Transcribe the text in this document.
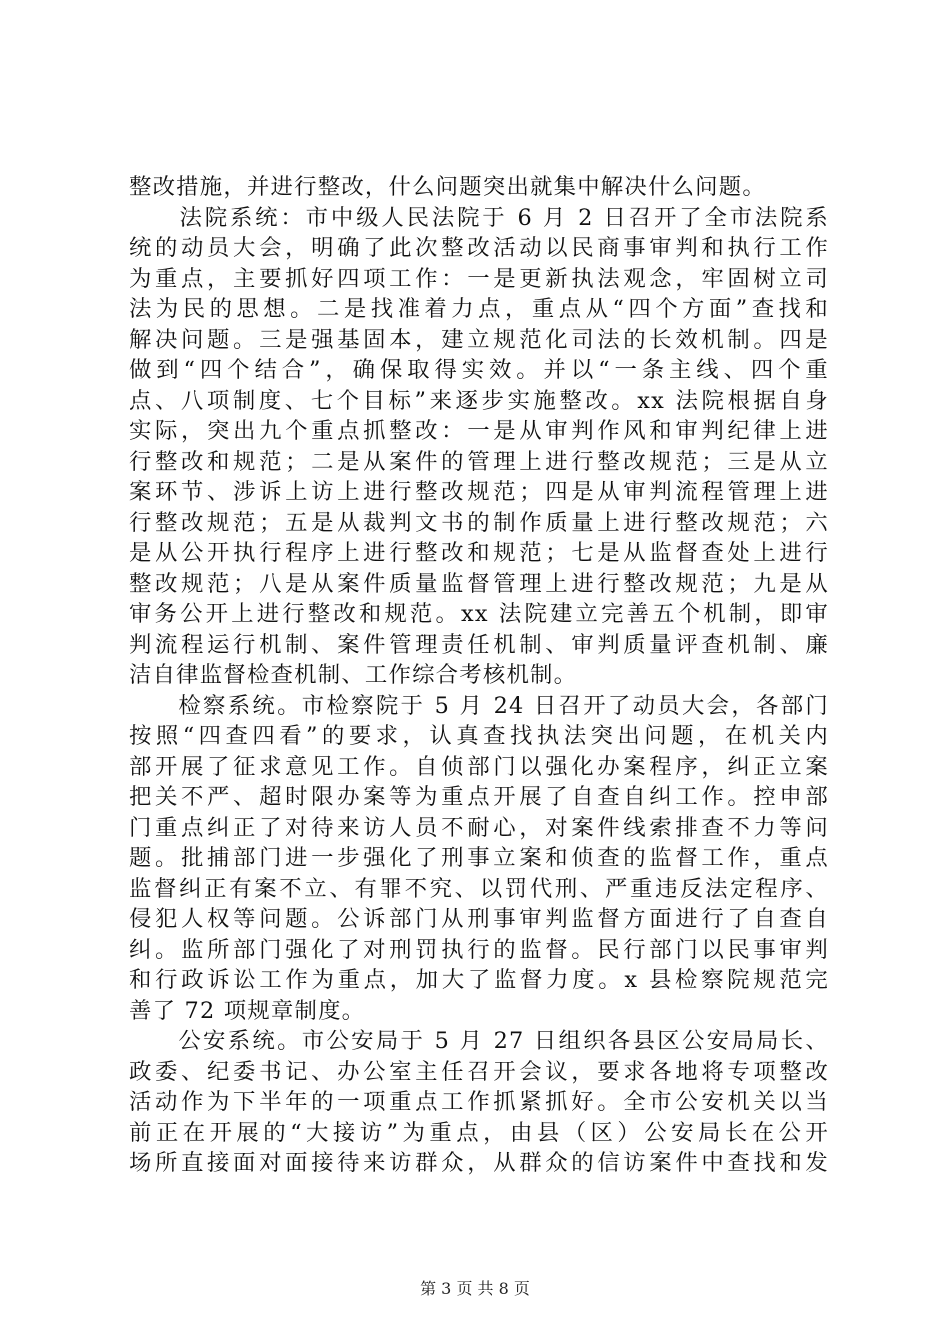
整改措施，并进行整改，什么问题突出就集中解决什么问题。
　　法院系统：市中级人民法院于 6 月 2 日召开了全市法院系
统的动员大会，明确了此次整改活动以民商事审判和执行工作
为重点，主要抓好四项工作：一是更新执法观念，牢固树立司
法为民的思想。二是找准着力点，重点从“四个方面”查找和
解决问题。三是强基固本，建立规范化司法的长效机制。四是
做到“四个结合”，确保取得实效。并以“一条主线、四个重
点、八项制度、七个目标”来逐步实施整改。xx 法院根据自身
实际，突出九个重点抓整改：一是从审判作风和审判纪律上进
行整改和规范；二是从案件的管理上进行整改规范；三是从立
案环节、涉诉上访上进行整改规范；四是从审判流程管理上进
行整改规范；五是从裁判文书的制作质量上进行整改规范；六
是从公开执行程序上进行整改和规范；七是从监督查处上进行
整改规范；八是从案件质量监督管理上进行整改规范；九是从
审务公开上进行整改和规范。xx 法院建立完善五个机制，即审
判流程运行机制、案件管理责任机制、审判质量评查机制、廉
洁自律监督检查机制、工作综合考核机制。
　　检察系统。市检察院于 5 月 24 日召开了动员大会，各部门
按照“四查四看”的要求，认真查找执法突出问题，在机关内
部开展了征求意见工作。自侦部门以强化办案程序，纠正立案
把关不严、超时限办案等为重点开展了自查自纠工作。控申部
门重点纠正了对待来访人员不耐心，对案件线索排查不力等问
题。批捕部门进一步强化了刑事立案和侦查的监督工作，重点
监督纠正有案不立、有罪不究、以罚代刑、严重违反法定程序、
侵犯人权等问题。公诉部门从刑事审判监督方面进行了自查自
纠。监所部门强化了对刑罚执行的监督。民行部门以民事审判
和行政诉讼工作为重点，加大了监督力度。x 县检察院规范完
善了 72 项规章制度。
　　公安系统。市公安局于 5 月 27 日组织各县区公安局局长、
政委、纪委书记、办公室主任召开会议，要求各地将专项整改
活动作为下半年的一项重点工作抓紧抓好。全市公安机关以当
前正在开展的“大接访”为重点，由县（区）公安局长在公开
场所直接面对面接待来访群众，从群众的信访案件中查找和发
第 3 页 共 8 页
